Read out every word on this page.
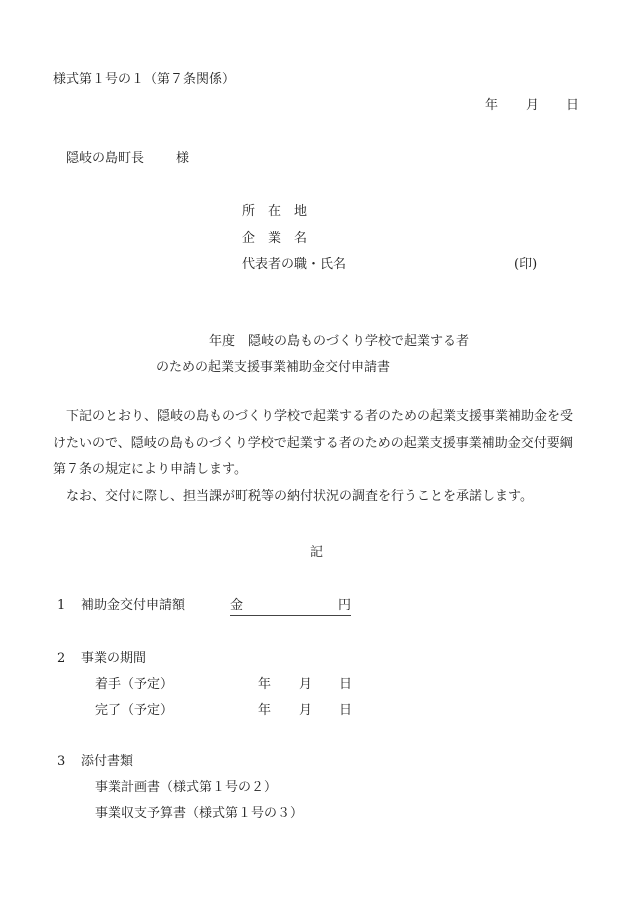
様式第１号の１（第７条関係）
年 月 日
隠岐の島町長 様
所　在　地
企　業　名
代表者の職・氏名	(印)
年度　隠岐の島ものづくり学校で起業する者
のための起業支援事業補助金交付申請書
　下記のとおり、隠岐の島ものづくり学校で起業する者のための起業支援事業補助金を受けたいので、隠岐の島ものづくり学校で起業する者のための起業支援事業補助金交付要綱第７条の規定により申請します。
　なお、交付に際し、担当課が町税等の納付状況の調査を行うことを承諾します。
記
1 補助金交付申請額	金	円
2 事業の期間
着手（予定）	年 月 日
完了（予定）	年 月 日
3 添付書類
事業計画書（様式第１号の２）
事業収支予算書（様式第１号の３）
